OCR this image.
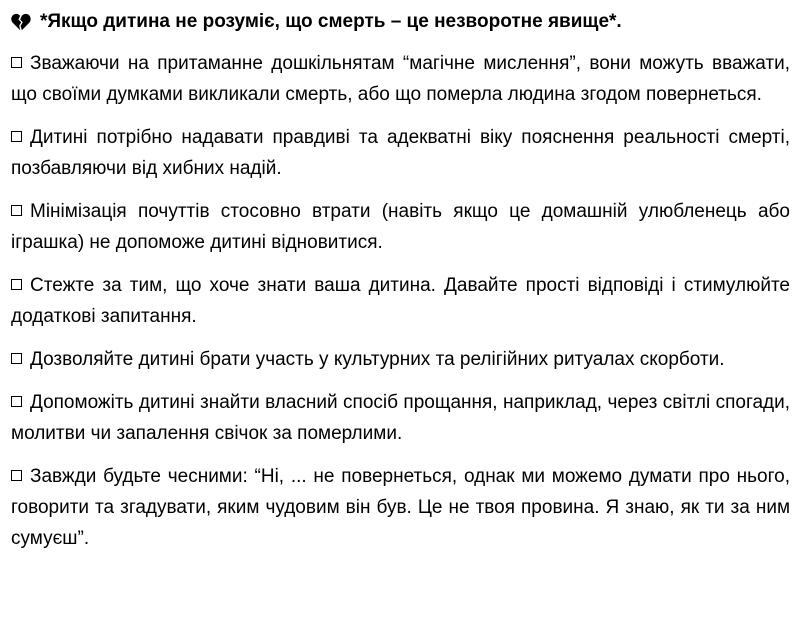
*Якщо дитина не розуміє, що смерть – це незворотне явище*.
Зважаючи на притаманне дошкільнятам “магічне мислення”, вони можуть вважати, що своїми думками викликали смерть, або що померла людина згодом повернеться.
Дитині потрібно надавати правдиві та адекватні віку пояснення реальності смерті, позбавляючи від хибних надій.
Мінімізація почуттів стосовно втрати (навіть якщо це домашній улюбленець або іграшка) не допоможе дитині відновитися.
Стежте за тим, що хоче знати ваша дитина. Давайте прості відповіді і стимулюйте додаткові запитання.
Дозволяйте дитині брати участь у культурних та релігійних ритуалах скорботи.
Допоможіть дитині знайти власний спосіб прощання, наприклад, через світлі спогади, молитви чи запалення свічок за померлими.
Завжди будьте чесними: “Ні, ... не повернеться, однак ми можемо думати про нього, говорити та згадувати, яким чудовим він був. Це не твоя провина. Я знаю, як ти за ним сумуєш”.
